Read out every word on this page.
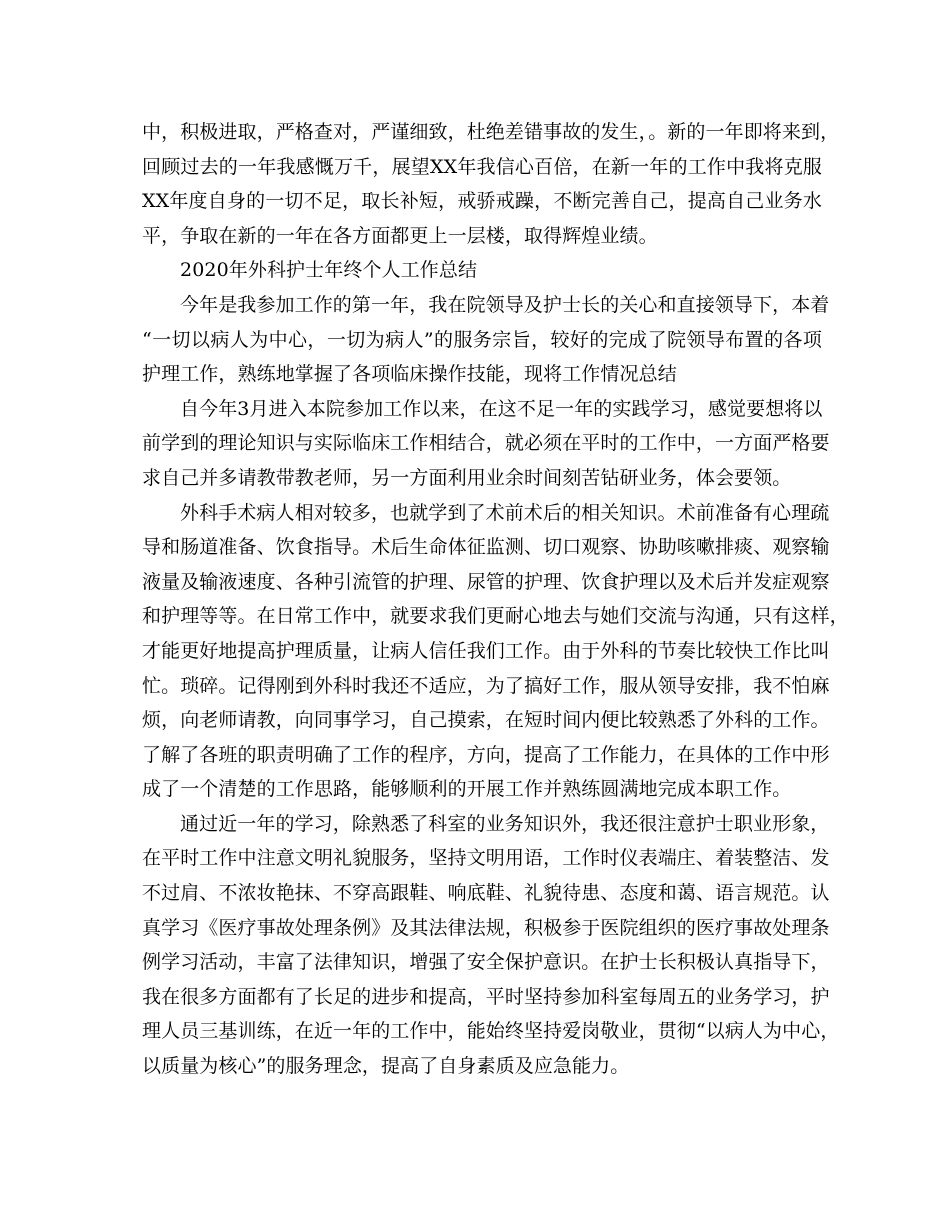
中，积极进取，严格查对，严谨细致，杜绝差错事故的发生，。新的一年即将来到，
回顾过去的一年我感慨万千，展望XX年我信心百倍，在新一年的工作中我将克服
XX年度自身的一切不足，取长补短，戒骄戒躁，不断完善自己，提高自己业务水
平，争取在新的一年在各方面都更上一层楼，取得辉煌业绩。

2020年外科护士年终个人工作总结

今年是我参加工作的第一年，我在院领导及护士长的关心和直接领导下，本着
“一切以病人为中心，一切为病人”的服务宗旨，较好的完成了院领导布置的各项
护理工作，熟练地掌握了各项临床操作技能，现将工作情况总结

自今年3月进入本院参加工作以来，在这不足一年的实践学习，感觉要想将以
前学到的理论知识与实际临床工作相结合，就必须在平时的工作中，一方面严格要
求自己并多请教带教老师，另一方面利用业余时间刻苦钻研业务，体会要领。

外科手术病人相对较多，也就学到了术前术后的相关知识。术前准备有心理疏
导和肠道准备、饮食指导。术后生命体征监测、切口观察、协助咳嗽排痰、观察输
液量及输液速度、各种引流管的护理、尿管的护理、饮食护理以及术后并发症观察
和护理等等。在日常工作中，就要求我们更耐心地去与她们交流与沟通，只有这样，
才能更好地提高护理质量，让病人信任我们工作。由于外科的节奏比较快工作比叫
忙。琐碎。记得刚到外科时我还不适应，为了搞好工作，服从领导安排，我不怕麻
烦，向老师请教，向同事学习，自己摸索，在短时间内便比较熟悉了外科的工作。
了解了各班的职责明确了工作的程序，方向，提高了工作能力，在具体的工作中形
成了一个清楚的工作思路，能够顺利的开展工作并熟练圆满地完成本职工作。

通过近一年的学习，除熟悉了科室的业务知识外，我还很注意护士职业形象，
在平时工作中注意文明礼貌服务，坚持文明用语，工作时仪表端庄、着装整洁、发
不过肩、不浓妆艳抹、不穿高跟鞋、响底鞋、礼貌待患、态度和蔼、语言规范。认
真学习《医疗事故处理条例》及其法律法规，积极参于医院组织的医疗事故处理条
例学习活动，丰富了法律知识，增强了安全保护意识。在护士长积极认真指导下，
我在很多方面都有了长足的进步和提高，平时坚持参加科室每周五的业务学习，护
理人员三基训练，在近一年的工作中，能始终坚持爱岗敬业，贯彻“以病人为中心，
以质量为核心”的服务理念，提高了自身素质及应急能力。
